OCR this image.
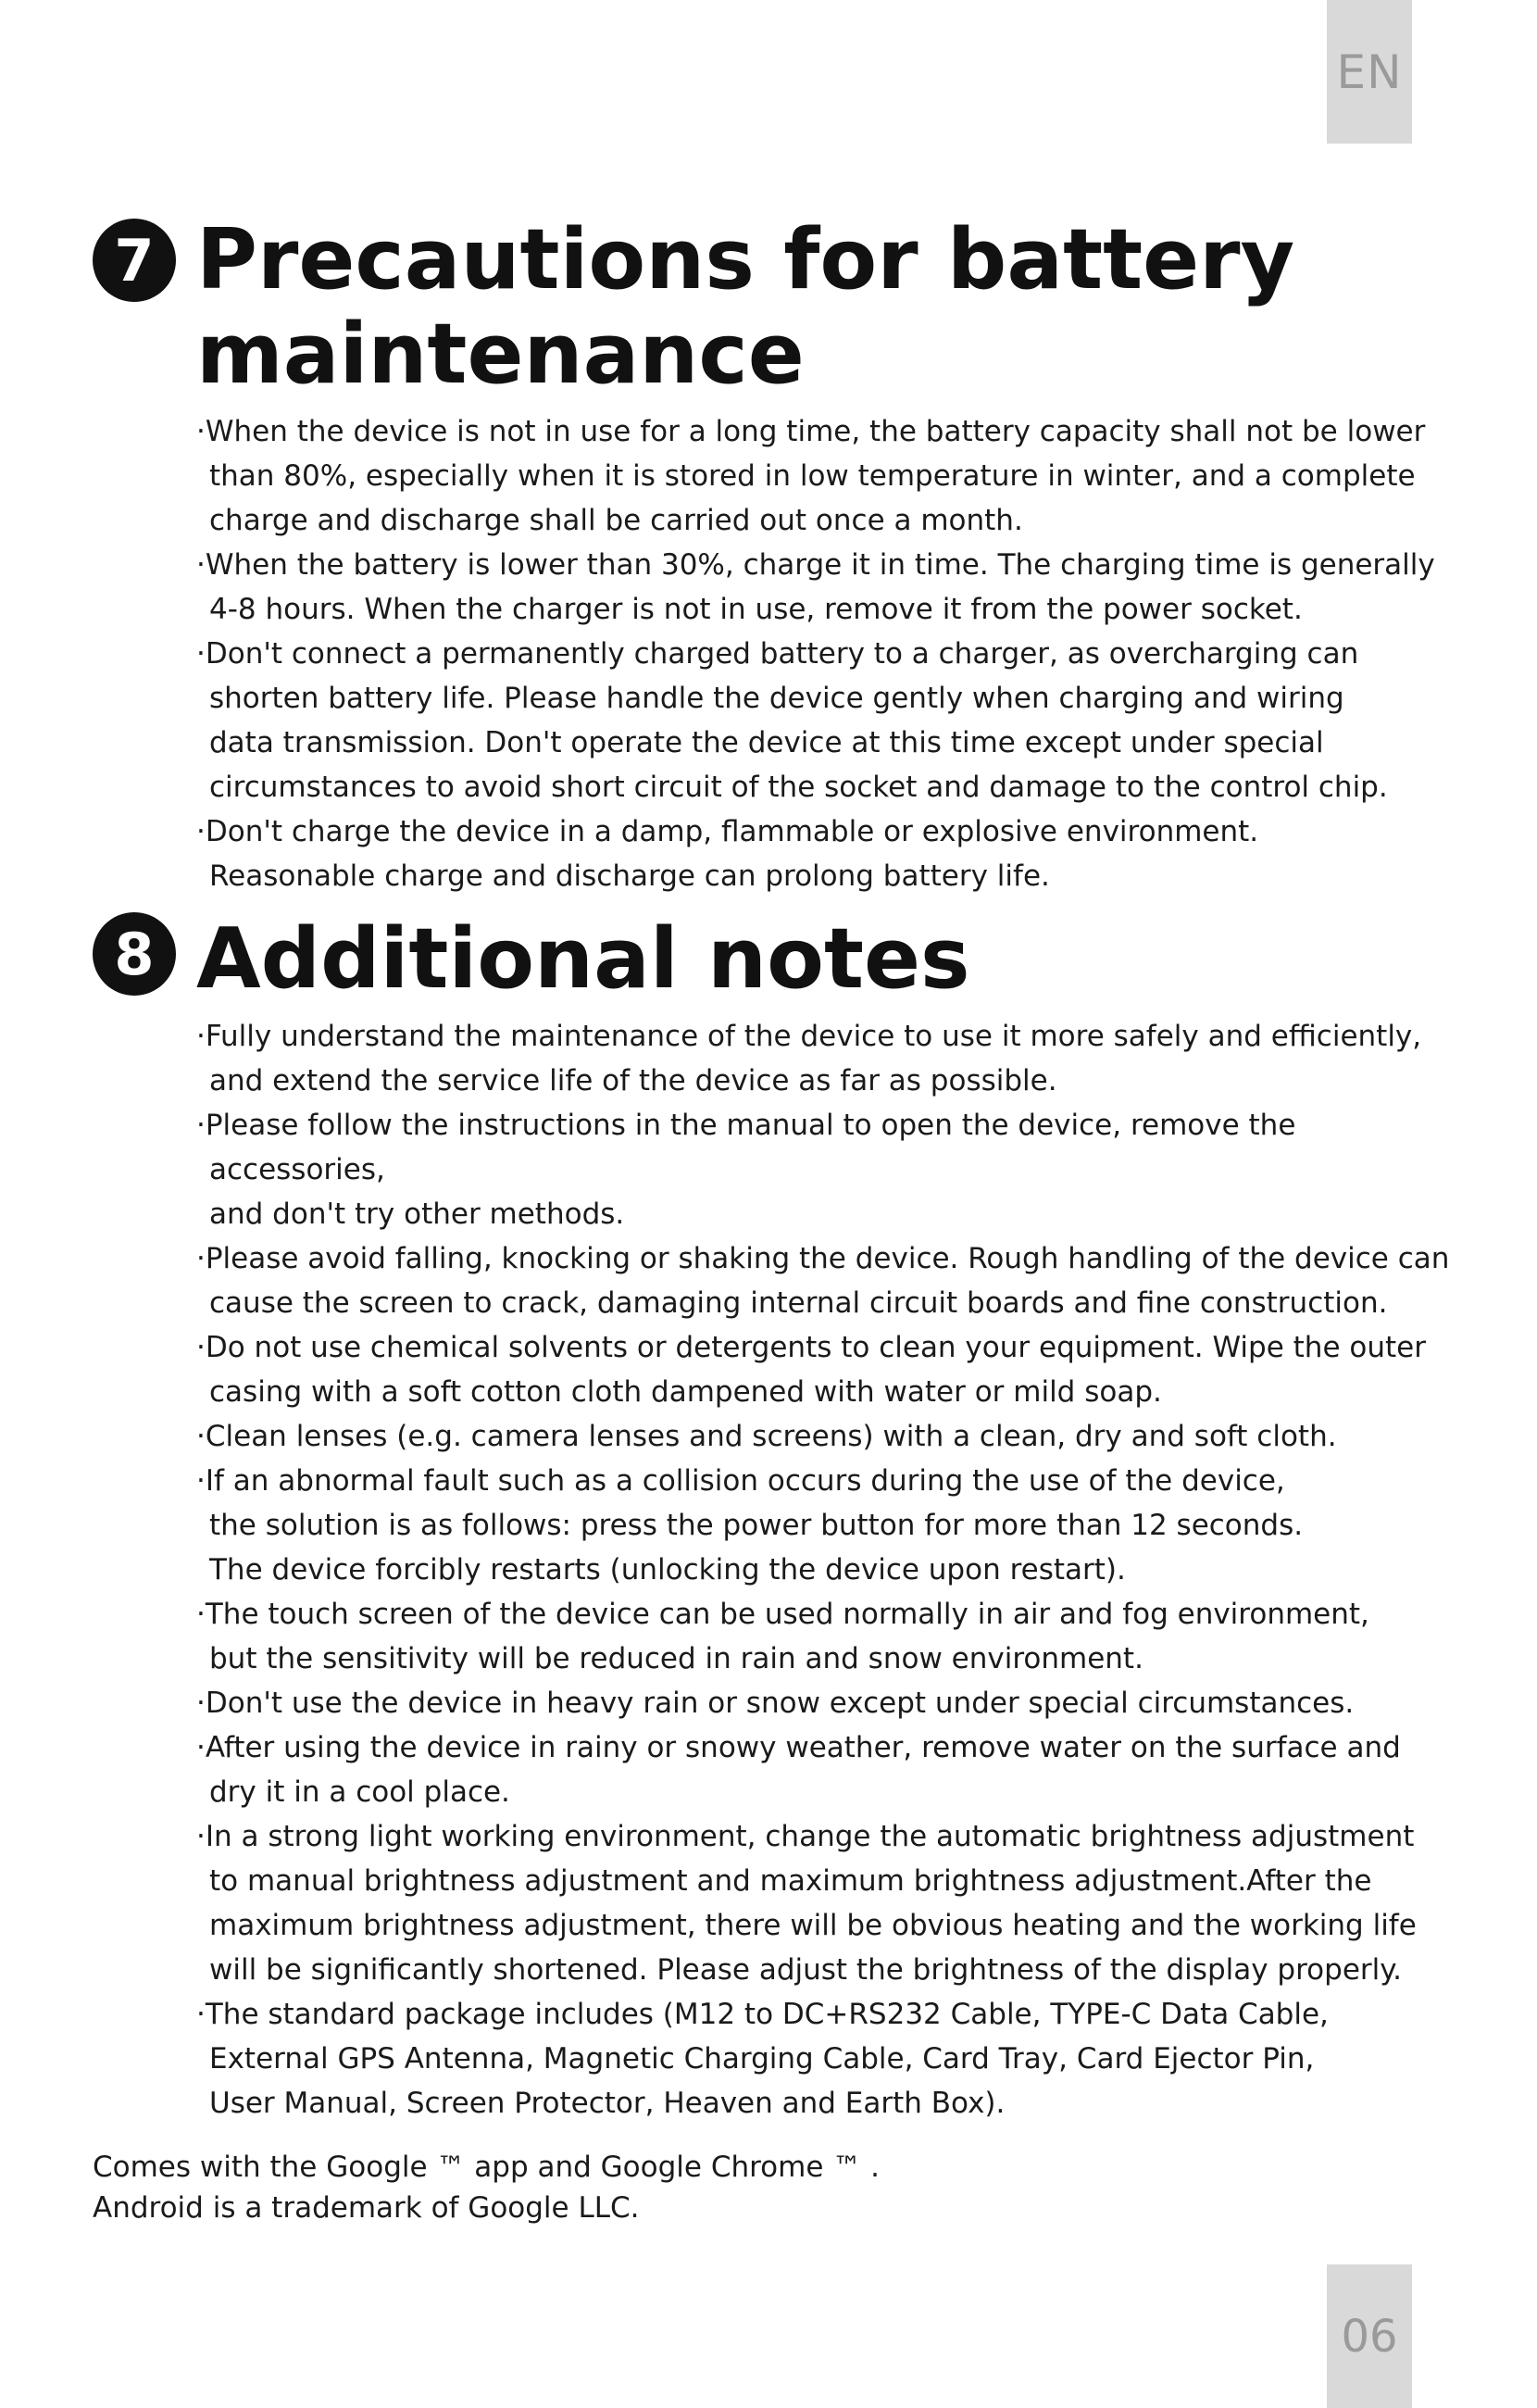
EN
7 Precautions for battery
maintenance
· When the device is not in use for a long time, the battery capacity shall not be lower
than 80%, especially when it is stored in low temperature in winter, and a complete
charge and discharge shall be carried out once a month.
· When the battery is lower than 30%, charge it in time. The charging time is generally
4-8 hours. When the charger is not in use, remove it from the power socket.
· Don't connect a permanently charged battery to a charger, as overcharging can
shorten battery life. Please handle the device gently when charging and wiring
data transmission. Don't operate the device at this time except under special
circumstances to avoid short circuit of the socket and damage to the control chip.
· Don't charge the device in a damp, flammable or explosive environment.
Reasonable charge and discharge can prolong battery life.
8 Additional notes
· Fully understand the maintenance of the device to use it more safely and efficiently,
and extend the service life of the device as far as possible.
· Please follow the instructions in the manual to open the device, remove the accessories,
and don't try other methods.
· Please avoid falling, knocking or shaking the device. Rough handling of the device can
cause the screen to crack, damaging internal circuit boards and fine construction.
· Do not use chemical solvents or detergents to clean your equipment. Wipe the outer
casing with a soft cotton cloth dampened with water or mild soap.
· Clean lenses (e.g. camera lenses and screens) with a clean, dry and soft cloth.
· If an abnormal fault such as a collision occurs during the use of the device,
the solution is as follows: press the power button for more than 12 seconds.
The device forcibly restarts (unlocking the device upon restart).
· The touch screen of the device can be used normally in air and fog environment,
but the sensitivity will be reduced in rain and snow environment.
· Don't use the device in heavy rain or snow except under special circumstances.
· After using the device in rainy or snowy weather, remove water on the surface and
dry it in a cool place.
· In a strong light working environment, change the automatic brightness adjustment
to manual brightness adjustment and maximum brightness adjustment.After the
maximum brightness adjustment, there will be obvious heating and the working life
will be significantly shortened. Please adjust the brightness of the display properly.
· The standard package includes (M12 to DC+RS232 Cable, TYPE-C Data Cable,
External GPS Antenna, Magnetic Charging Cable, Card Tray, Card Ejector Pin,
User Manual, Screen Protector, Heaven and Earth Box).

Comes with the Google ™ app and Google Chrome ™ .

Android is a trademark of Google LLC.

06
